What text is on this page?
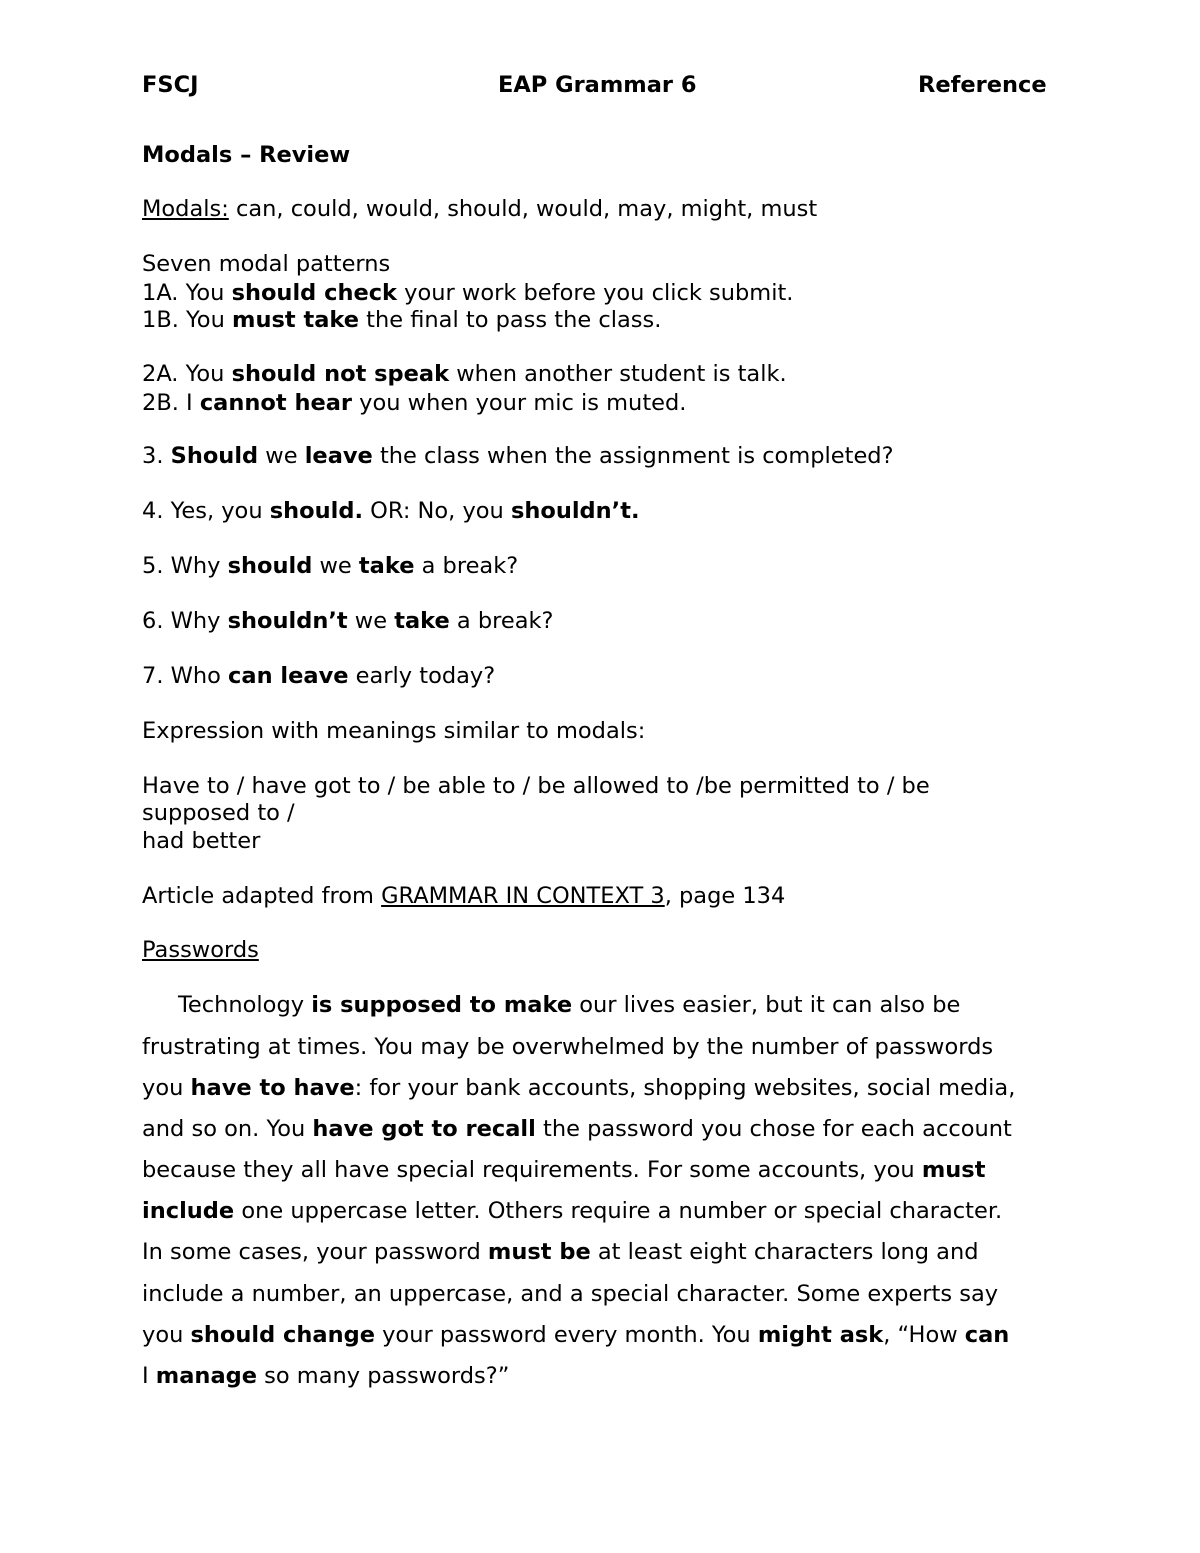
FSCJ	EAP Grammar 6	Reference
Modals – Review
Modals: can, could, would, should, would, may, might, must
Seven modal patterns
1A. You should check your work before you click submit.
1B. You must take the final to pass the class.
2A. You should not speak when another student is talk.
2B. I cannot hear you when your mic is muted.
3. Should we leave the class when the assignment is completed?
4. Yes, you should. OR: No, you shouldn’t.
5. Why should we take a break?
6. Why shouldn’t we take a break?
7. Who can leave early today?
Expression with meanings similar to modals:
Have to / have got to / be able to / be allowed to /be permitted to / be
supposed to /
had better
Article adapted from GRAMMAR IN CONTEXT 3, page 134
Passwords
Technology is supposed to make our lives easier, but it can also be
frustrating at times. You may be overwhelmed by the number of passwords
you have to have: for your bank accounts, shopping websites, social media,
and so on. You have got to recall the password you chose for each account
because they all have special requirements. For some accounts, you must
include one uppercase letter. Others require a number or special character.
In some cases, your password must be at least eight characters long and
include a number, an uppercase, and a special character. Some experts say
you should change your password every month. You might ask, “How can
I manage so many passwords?”
